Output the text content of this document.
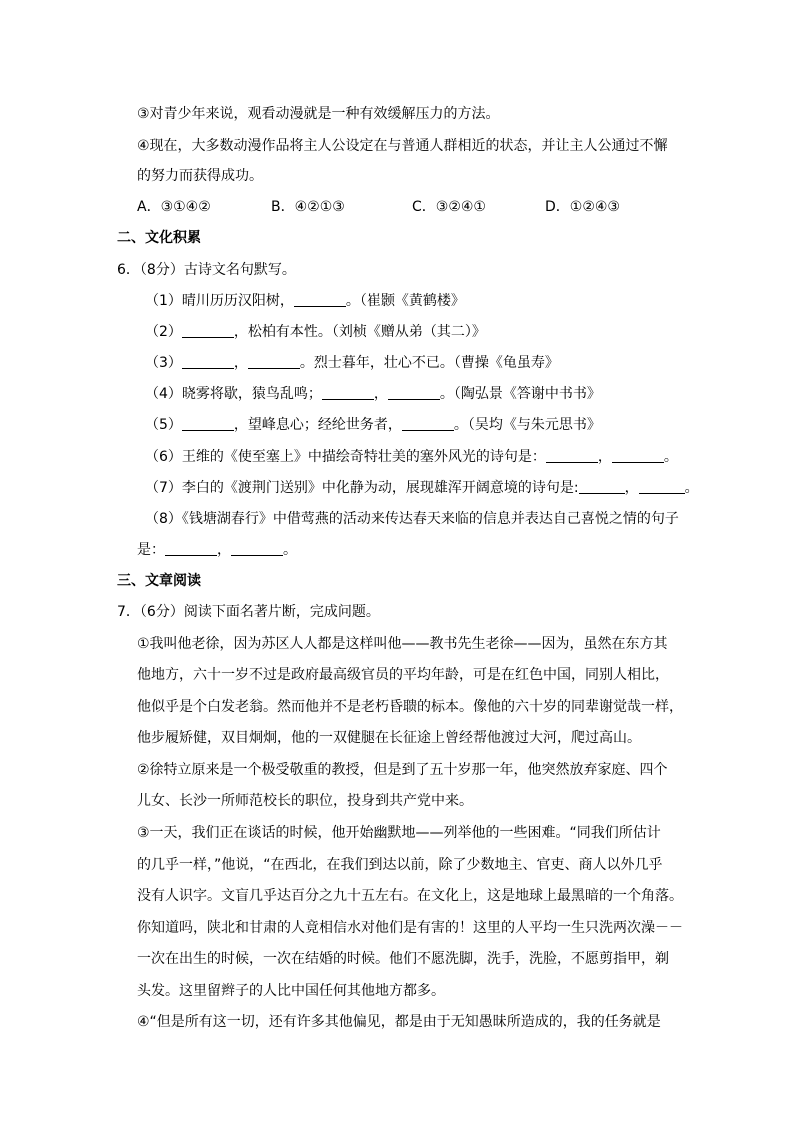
③对青少年来说，观看动漫就是一种有效缓解压力的方法。
④现在，大多数动漫作品将主人公设定在与普通人群相近的状态，并让主人公通过不懈
的努力而获得成功。
A．③①④②	B．④②①③	C．③②④①	D．①②④③
二、文化积累
6．（8分）古诗文名句默写。
（1）晴川历历汉阳树，	。（崔颢《黄鹤楼》
（2）	，松柏有本性。（刘桢《赠从弟（其二）》
（3）	，	。烈士暮年，壮心不已。（曹操《龟虽寿》
（4）晓雾将歇，猿鸟乱鸣；	，	。（陶弘景《答谢中书书》
（5）	，望峰息心；经纶世务者，	。（吴均《与朱元思书》
（6）王维的《使至塞上》中描绘奇特壮美的塞外风光的诗句是：	，	。
（7）李白的《渡荆门送别》中化静为动，展现雄浑开阔意境的诗句是:	，	。
（8）《钱塘湖春行》中借莺燕的活动来传达春天来临的信息并表达自己喜悦之情的句子
是：	，	。
三、文章阅读
7．（6分）阅读下面名著片断，完成问题。
①我叫他老徐，因为苏区人人都是这样叫他——教书先生老徐——因为，虽然在东方其
他地方，六十一岁不过是政府最高级官员的平均年龄，可是在红色中国，同别人相比，
他似乎是个白发老翁。然而他并不是老朽昏聩的标本。像他的六十岁的同辈谢觉哉一样，
他步履矫健，双目炯炯，他的一双健腿在长征途上曾经帮他渡过大河，爬过高山。
②徐特立原来是一个极受敬重的教授，但是到了五十岁那一年，他突然放弃家庭、四个
儿女、长沙一所师范校长的职位，投身到共产党中来。
③一天，我们正在谈话的时候，他开始幽默地——列举他的一些困难。“同我们所估计
的几乎一样，”他说，“在西北，在我们到达以前，除了少数地主、官吏、商人以外几乎
没有人识字。文盲几乎达百分之九十五左右。在文化上，这是地球上最黑暗的一个角落。
你知道吗，陕北和甘肃的人竟相信水对他们是有害的！这里的人平均一生只洗两次澡－－
一次在出生的时候，一次在结婚的时候。他们不愿洗脚，洗手，洗脸，不愿剪指甲，剃
头发。这里留辫子的人比中国任何其他地方都多。
④“但是所有这一切，还有许多其他偏见，都是由于无知愚昧所造成的，我的任务就是
